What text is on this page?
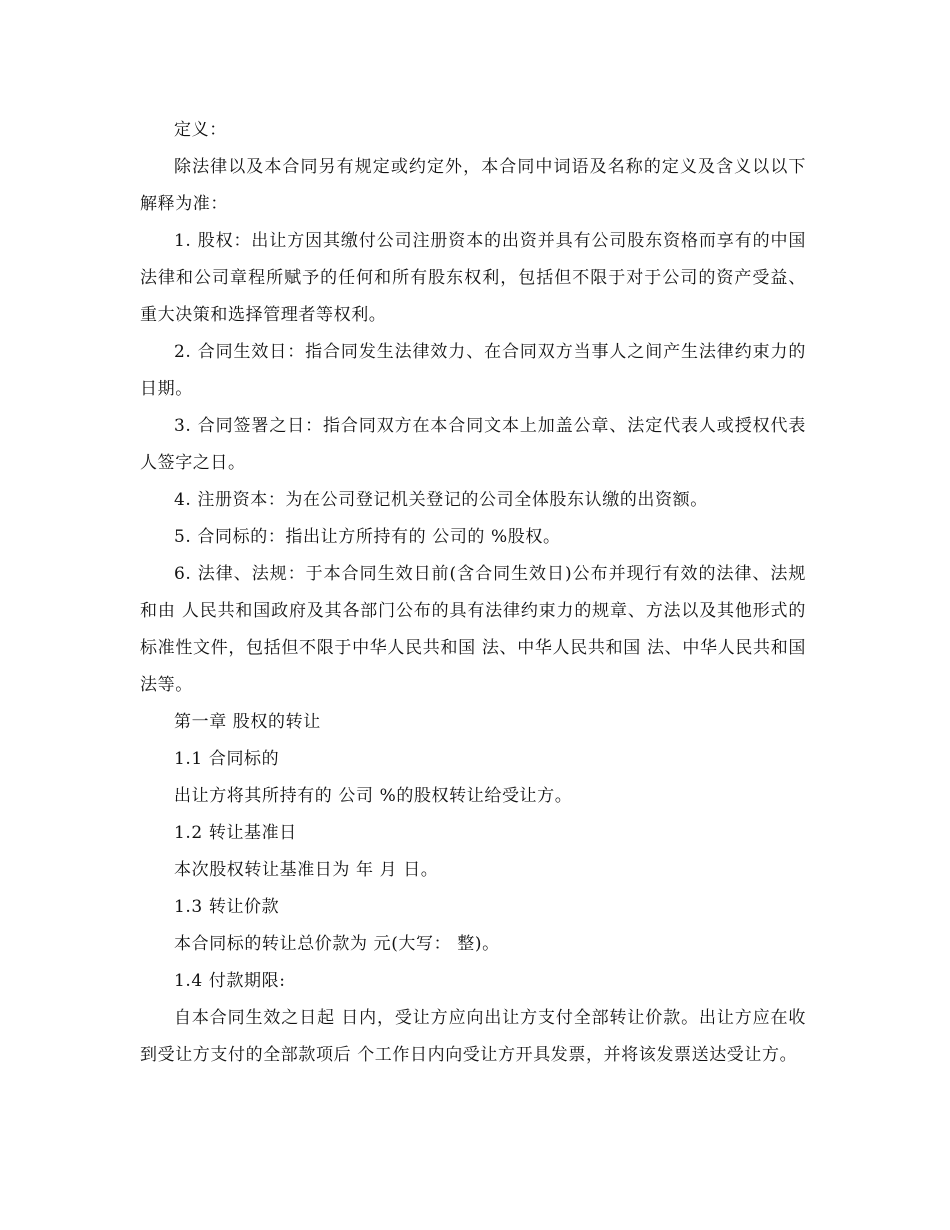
定义：

除法律以及本合同另有规定或约定外，本合同中词语及名称的定义及含义以以下解释为准：

1. 股权：出让方因其缴付公司注册资本的出资并具有公司股东资格而享有的中国法律和公司章程所赋予的任何和所有股东权利，包括但不限于对于公司的资产受益、重大决策和选择管理者等权利。

2. 合同生效日：指合同发生法律效力、在合同双方当事人之间产生法律约束力的日期。

3. 合同签署之日：指合同双方在本合同文本上加盖公章、法定代表人或授权代表人签字之日。

4. 注册资本：为在公司登记机关登记的公司全体股东认缴的出资额。

5. 合同标的：指出让方所持有的 公司的 %股权。

6. 法律、法规：于本合同生效日前(含合同生效日)公布并现行有效的法律、法规和由 人民共和国政府及其各部门公布的具有法律约束力的规章、方法以及其他形式的标准性文件，包括但不限于中华人民共和国 法、中华人民共和国 法、中华人民共和国 法等。

第一章 股权的转让

1.1 合同标的

出让方将其所持有的 公司 %的股权转让给受让方。

1.2 转让基准日

本次股权转让基准日为 年 月 日。

1.3 转让价款

本合同标的转让总价款为 元(大写： 整)。

1.4 付款期限:

自本合同生效之日起 日内，受让方应向出让方支付全部转让价款。出让方应在收到受让方支付的全部款项后 个工作日内向受让方开具发票，并将该发票送达受让方。
